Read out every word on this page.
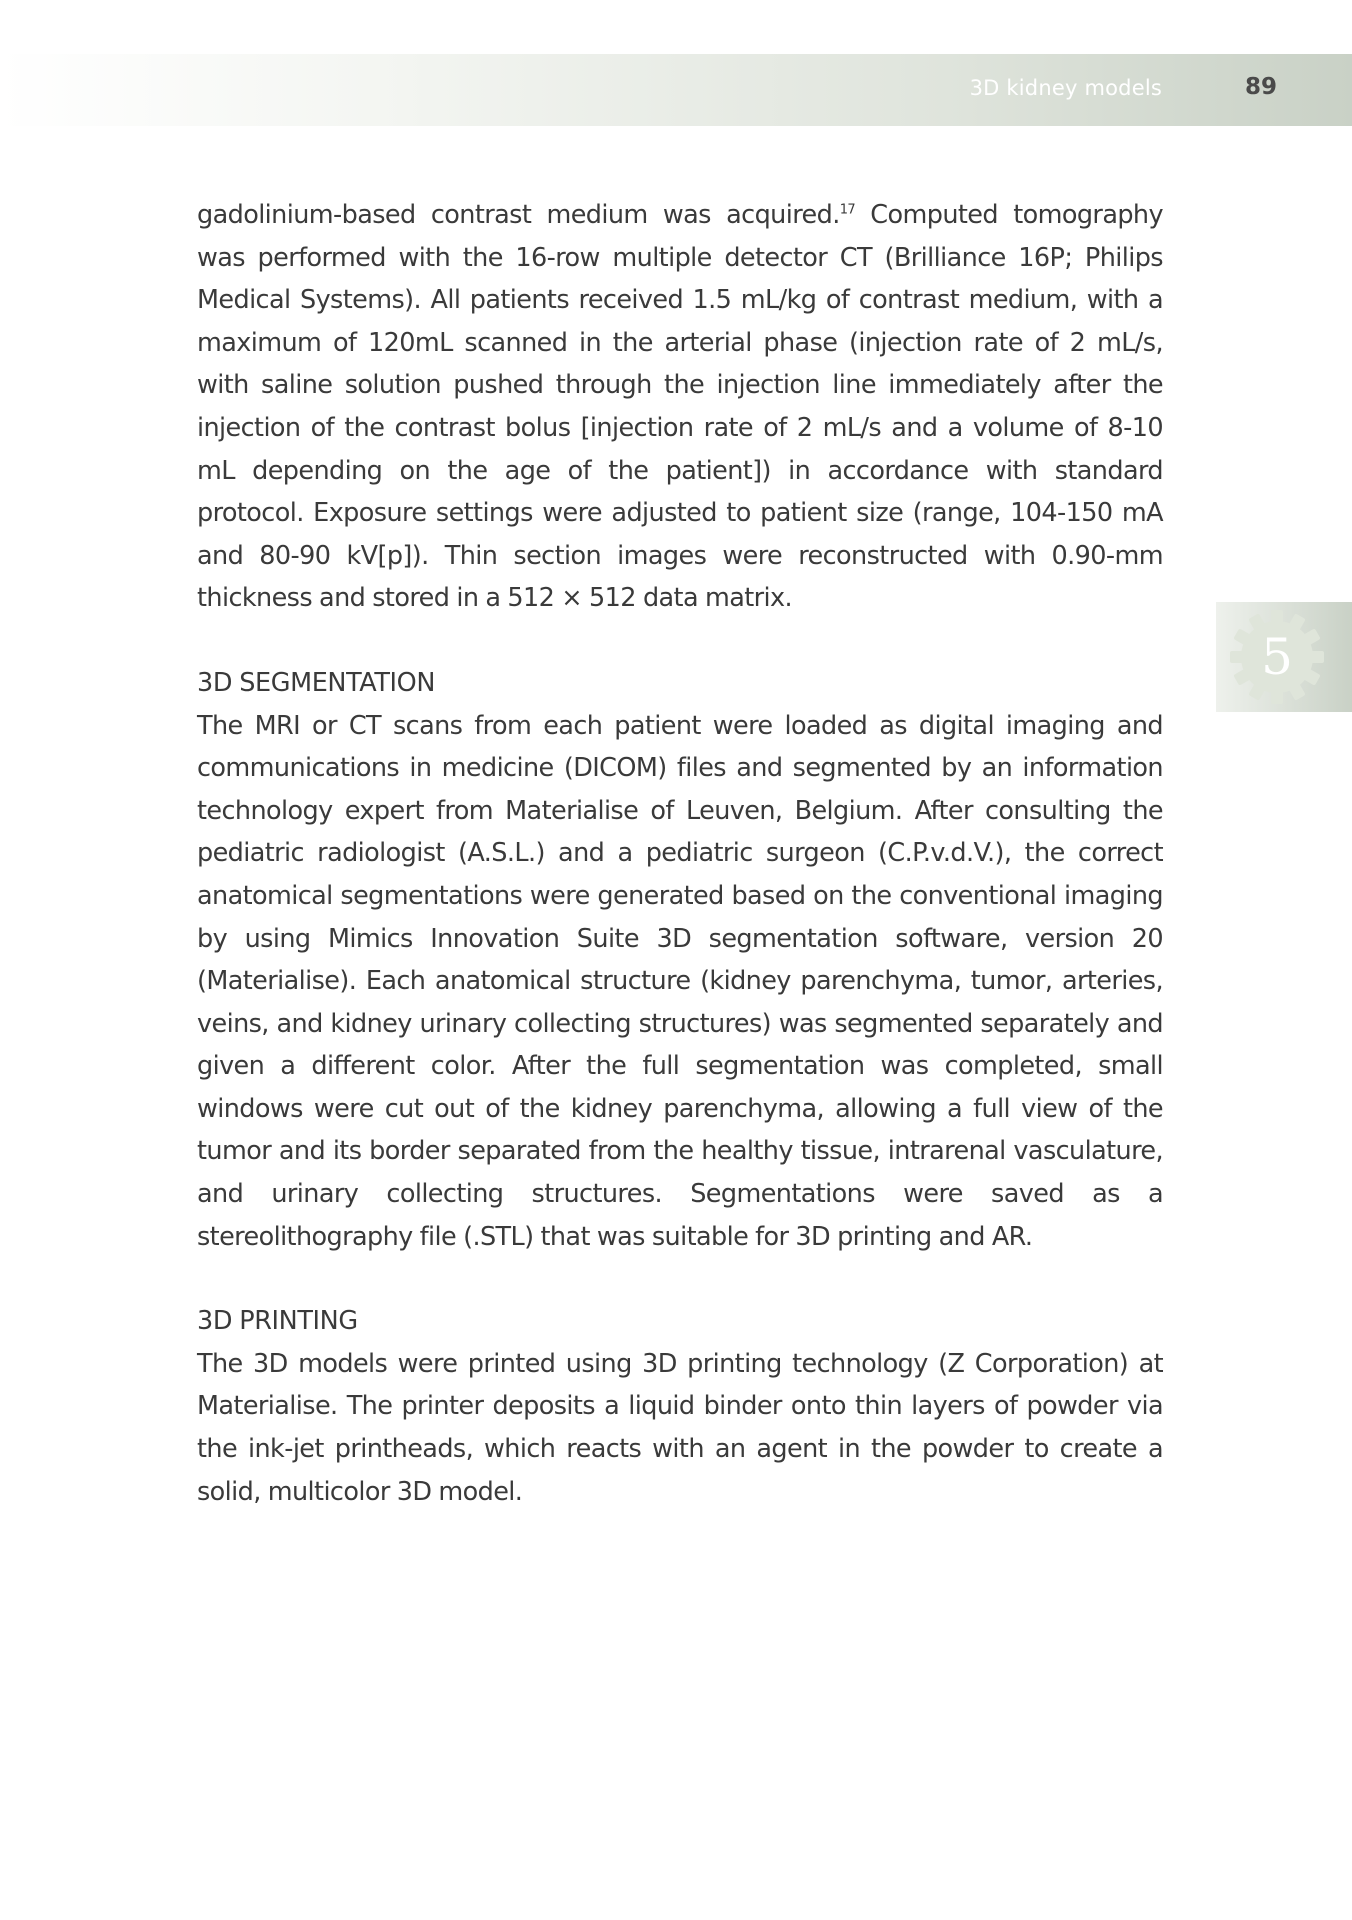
3D kidney models	89
5

gadolinium-based contrast medium was acquired.$^{17}$ Computed tomography was performed with the 16-row multiple detector CT (Brilliance 16P; Philips Medical Systems). All patients received 1.5 mL/kg of contrast medium, with a maximum of 120mL scanned in the arterial phase (injection rate of 2 mL/s, with saline solution pushed through the injection line immediately after the injection of the contrast bolus [injection rate of 2 mL/s and a volume of 8-10 mL depending on the age of the patient]) in accordance with standard protocol. Exposure settings were adjusted to patient size (range, 104-150 mA and 80-90 kV[p]). Thin section images were reconstructed with 0.90-mm thickness and stored in a 512 × 512 data matrix.

3D SEGMENTATION

The MRI or CT scans from each patient were loaded as digital imaging and communications in medicine (DICOM) files and segmented by an information technology expert from Materialise of Leuven, Belgium. After consulting the pediatric radiologist (A.S.L.) and a pediatric surgeon (C.P.v.d.V.), the correct anatomical segmentations were generated based on the conventional imaging by using Mimics Innovation Suite 3D segmentation software, version 20 (Materialise). Each anatomical structure (kidney parenchyma, tumor, arteries, veins, and kidney urinary collecting structures) was segmented separately and given a different color. After the full segmentation was completed, small windows were cut out of the kidney parenchyma, allowing a full view of the tumor and its border separated from the healthy tissue, intrarenal vasculature, and urinary collecting structures. Segmentations were saved as a stereolithography file (.STL) that was suitable for 3D printing and AR.

3D PRINTING

The 3D models were printed using 3D printing technology (Z Corporation) at Materialise. The printer deposits a liquid binder onto thin layers of powder via the ink-jet printheads, which reacts with an agent in the powder to create a solid, multicolor 3D model.
